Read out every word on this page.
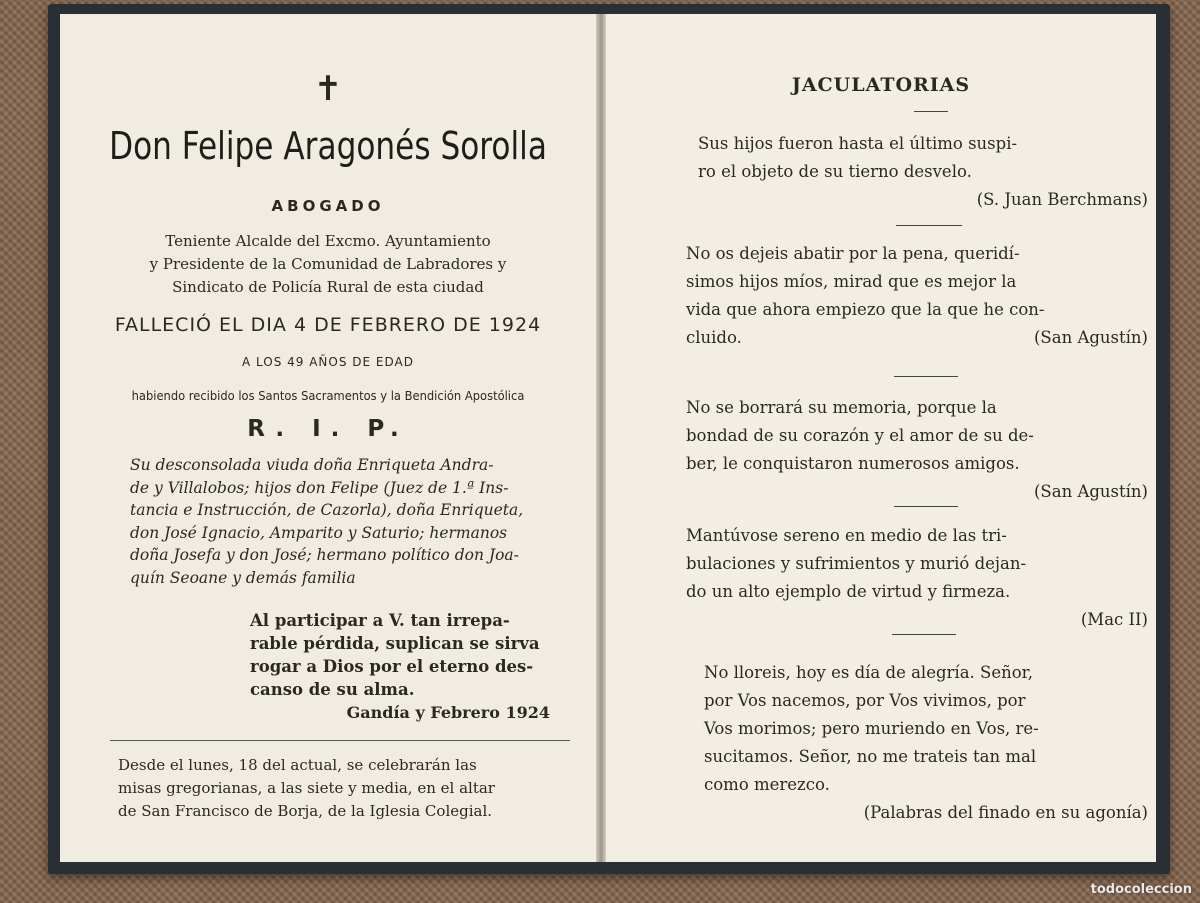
✝
Don Felipe Aragonés Sorolla
ABOGADO
Teniente Alcalde del Excmo. Ayuntamiento
y Presidente de la Comunidad de Labradores y
Sindicato de Policía Rural de esta ciudad
FALLECIÓ EL DIA 4 DE FEBRERO DE 1924
A LOS 49 AÑOS DE EDAD
habiendo recibido los Santos Sacramentos y la Bendición Apostólica
R. I. P.
Su desconsolada viuda doña Enriqueta Andra-
de y Villalobos; hijos don Felipe (Juez de 1.ª Ins-
tancia e Instrucción, de Cazorla), doña Enriqueta,
don José Ignacio, Amparito y Saturio; hermanos
doña Josefa y don José; hermano político don Joa-
quín Seoane y demás familia
Al participar a V. tan irrepa-
rable pérdida, suplican se sirva
rogar a Dios por el eterno des-
canso de su alma.
Gandía y Febrero 1924
Desde el lunes, 18 del actual, se celebrarán las
misas gregorianas, a las siete y media, en el altar
de San Francisco de Borja, de la Iglesia Colegial.
JACULATORIAS
Sus hijos fueron hasta el último suspi-
ro el objeto de su tierno desvelo.
(S. Juan Berchmans)
No os dejeis abatir por la pena, queridí-
simos hijos míos, mirad que es mejor la
vida que ahora empiezo que la que he con-
cluido.	(San Agustín)
No se borrará su memoria, porque la
bondad de su corazón y el amor de su de-
ber, le conquistaron numerosos amigos.
(San Agustín)
Mantúvose sereno en medio de las tri-
bulaciones y sufrimientos y murió dejan-
do un alto ejemplo de virtud y firmeza.
(Mac II)
No lloreis, hoy es día de alegría. Señor,
por Vos nacemos, por Vos vivimos, por
Vos morimos; pero muriendo en Vos, re-
sucitamos. Señor, no me trateis tan mal
como merezco.
(Palabras del finado en su agonía)
todocoleccion
